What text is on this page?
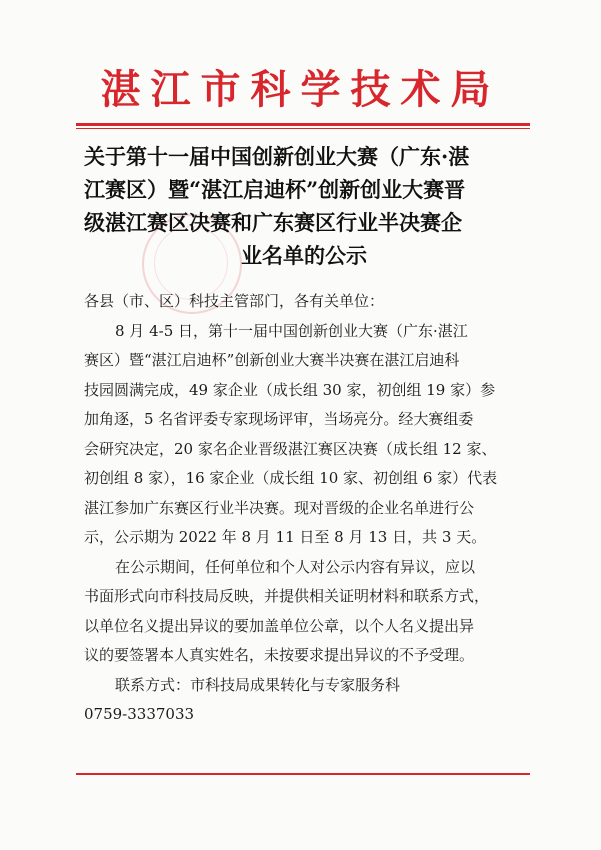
湛江市科学技术局
关于第十一届中国创新创业大赛（广东·湛
江赛区）暨“湛江启迪杯”创新创业大赛晋
级湛江赛区决赛和广东赛区行业半决赛企
业名单的公示
各县（市、区）科技主管部门，各有关单位：
8 月 4-5 日，第十一届中国创新创业大赛（广东·湛江
赛区）暨“湛江启迪杯”创新创业大赛半决赛在湛江启迪科
技园圆满完成，49 家企业（成长组 30 家，初创组 19 家）参
加角逐，5 名省评委专家现场评审，当场亮分。经大赛组委
会研究决定，20 家名企业晋级湛江赛区决赛（成长组 12 家、
初创组 8 家），16 家企业（成长组 10 家、初创组 6 家）代表
湛江参加广东赛区行业半决赛。现对晋级的企业名单进行公
示，公示期为 2022 年 8 月 11 日至 8 月 13 日，共 3 天。
在公示期间，任何单位和个人对公示内容有异议，应以
书面形式向市科技局反映，并提供相关证明材料和联系方式，
以单位名义提出异议的要加盖单位公章，以个人名义提出异
议的要签署本人真实姓名，未按要求提出异议的不予受理。
联系方式：市科技局成果转化与专家服务科
0759-3337033
